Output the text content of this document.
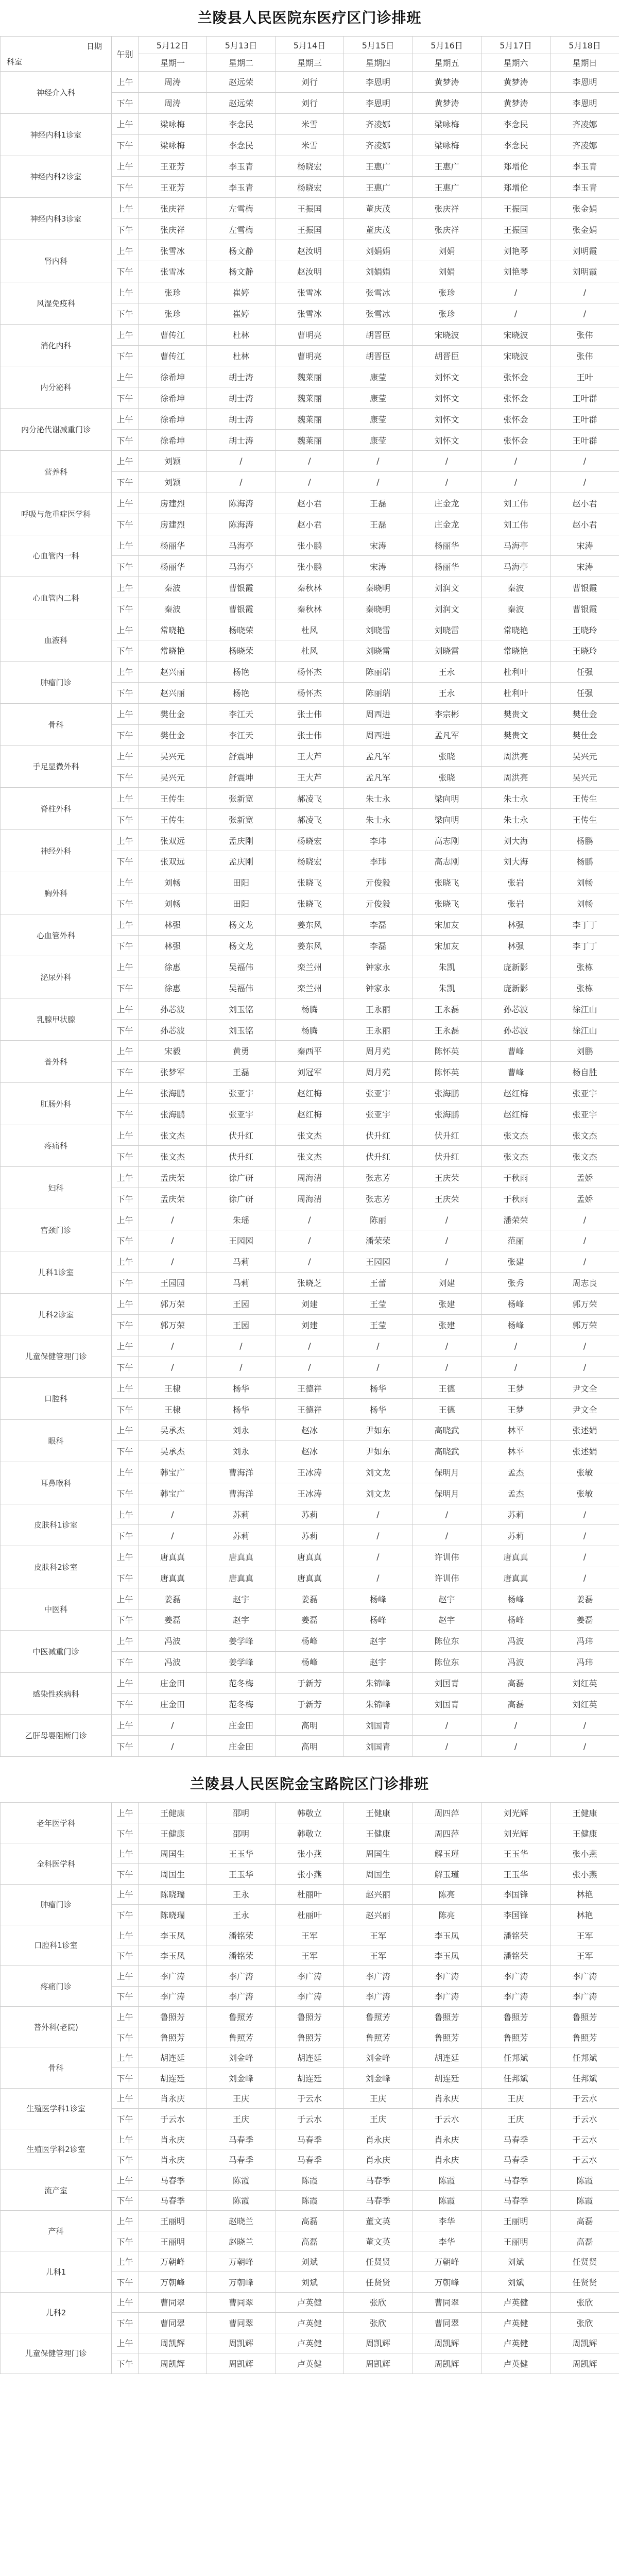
兰陵县人民医院东医疗区门诊排班
日期
科室	午别	5月12日	5月13日	5月14日	5月15日	5月16日	5月17日	5月18日
		星期一	星期二	星期三	星期四	星期五	星期六	星期日
神经介入科	上午	周涛	赵远荣	刘行	李恩明	黄梦涛	黄梦涛	李恩明
	下午	周涛	赵远荣	刘行	李恩明	黄梦涛	黄梦涛	李恩明
神经内科1诊室	上午	梁咏梅	李念民	米雪	齐凌娜	梁咏梅	李念民	齐凌娜
	下午	梁咏梅	李念民	米雪	齐凌娜	梁咏梅	李念民	齐凌娜
神经内科2诊室	上午	王亚芳	李玉青	杨晓宏	王惠广	王惠广	郑增伦	李玉青
	下午	王亚芳	李玉青	杨晓宏	王惠广	王惠广	郑增伦	李玉青
神经内科3诊室	上午	张庆祥	左雪梅	王振国	董庆茂	张庆祥	王振国	张金娟
	下午	张庆祥	左雪梅	王振国	董庆茂	张庆祥	王振国	张金娟
肾内科	上午	张雪冰	杨文静	赵汝明	刘娟娟	刘娟	刘艳琴	刘明霞
	下午	张雪冰	杨文静	赵汝明	刘娟娟	刘娟	刘艳琴	刘明霞
风湿免疫科	上午	张珍	崔婷	张雪冰	张雪冰	张珍	/	/
	下午	张珍	崔婷	张雪冰	张雪冰	张珍	/	/
消化内科	上午	曹传江	杜林	曹明亮	胡晋臣	宋晓波	宋晓波	张伟
	下午	曹传江	杜林	曹明亮	胡晋臣	胡晋臣	宋晓波	张伟
内分泌科	上午	徐希坤	胡士涛	魏莱丽	康莹	刘怀文	张怀金	王叶
	下午	徐希坤	胡士涛	魏莱丽	康莹	刘怀文	张怀金	王叶群
内分泌代谢减重门诊	上午	徐希坤	胡士涛	魏莱丽	康莹	刘怀文	张怀金	王叶群
	下午	徐希坤	胡士涛	魏莱丽	康莹	刘怀文	张怀金	王叶群
营养科	上午	刘颖	/	/	/	/	/	/
	下午	刘颖	/	/	/	/	/	/
呼吸与危重症医学科	上午	房建烈	陈海涛	赵小君	王磊	庄金龙	刘工伟	赵小君
	下午	房建烈	陈海涛	赵小君	王磊	庄金龙	刘工伟	赵小君
心血管内一科	上午	杨丽华	马海亭	张小鹏	宋涛	杨丽华	马海亭	宋涛
	下午	杨丽华	马海亭	张小鹏	宋涛	杨丽华	马海亭	宋涛
心血管内二科	上午	秦波	曹银霞	秦秋林	秦晓明	刘润文	秦波	曹银霞
	下午	秦波	曹银霞	秦秋林	秦晓明	刘润文	秦波	曹银霞
血液科	上午	常晓艳	杨晓荣	杜风	刘晓雷	刘晓雷	常晓艳	王晓玲
	下午	常晓艳	杨晓荣	杜风	刘晓雷	刘晓雷	常晓艳	王晓玲
肿瘤门诊	上午	赵兴丽	杨艳	杨怀杰	陈丽瑞	王永	杜利叶	任强
	下午	赵兴丽	杨艳	杨怀杰	陈丽瑞	王永	杜利叶	任强
骨科	上午	樊仕金	李江天	张士伟	周西进	李宗彬	樊贵文	樊仕金
	下午	樊仕金	李江天	张士伟	周西进	孟凡军	樊贵文	樊仕金
手足显微外科	上午	吴兴元	舒震坤	王大芦	孟凡军	张晓	周洪亮	吴兴元
	下午	吴兴元	舒震坤	王大芦	孟凡军	张晓	周洪亮	吴兴元
脊柱外科	上午	王传生	张新宽	郝凌飞	朱士永	梁向明	朱士永	王传生
	下午	王传生	张新宽	郝凌飞	朱士永	梁向明	朱士永	王传生
神经外科	上午	张双远	孟庆刚	杨晓宏	李玮	高志刚	刘大海	杨鹏
	下午	张双远	孟庆刚	杨晓宏	李玮	高志刚	刘大海	杨鹏
胸外科	上午	刘畅	田阳	张晓飞	亓俊毅	张晓飞	张岩	刘畅
	下午	刘畅	田阳	张晓飞	亓俊毅	张晓飞	张岩	刘畅
心血管外科	上午	林强	杨文龙	姜东风	李磊	宋加友	林强	李丁丁
	下午	林强	杨文龙	姜东风	李磊	宋加友	林强	李丁丁
泌尿外科	上午	徐惠	吴福伟	栾兰州	钟家永	朱凯	庞新影	张栋
	下午	徐惠	吴福伟	栾兰州	钟家永	朱凯	庞新影	张栋
乳腺甲状腺	上午	孙芯波	刘玉铭	杨腾	王永丽	王永磊	孙芯波	徐江山
	下午	孙芯波	刘玉铭	杨腾	王永丽	王永磊	孙芯波	徐江山
普外科	上午	宋毅	黄勇	秦西平	周月苑	陈怀英	曹峰	刘鹏
	下午	张梦军	王磊	刘冠军	周月苑	陈怀英	曹峰	杨自胜
肛肠外科	上午	张海鹏	张亚宇	赵红梅	张亚宇	张海鹏	赵红梅	张亚宇
	下午	张海鹏	张亚宇	赵红梅	张亚宇	张海鹏	赵红梅	张亚宇
疼痛科	上午	张文杰	伏升红	张文杰	伏升红	伏升红	张文杰	张文杰
	下午	张文杰	伏升红	张文杰	伏升红	伏升红	张文杰	张文杰
妇科	上午	孟庆荣	徐广研	周海清	张志芳	王庆荣	于秋雨	孟娇
	下午	孟庆荣	徐广研	周海清	张志芳	王庆荣	于秋雨	孟娇
宫颈门诊	上午	/	朱瑶	/	陈丽	/	潘荣荣	/
	下午	/	王园园	/	潘荣荣	/	范丽	/
儿科1诊室	上午	/	马莉	/	王园园	/	张建	/
	下午	王园园	马莉	张晓芝	王蕾	刘建	张秀	周志良
儿科2诊室	上午	郭万荣	王园	刘建	王莹	张建	杨峰	郭万荣
	下午	郭万荣	王园	刘建	王莹	张建	杨峰	郭万荣
儿童保健管理门诊	上午	/	/	/	/	/	/	/
	下午	/	/	/	/	/	/	/
口腔科	上午	王棣	杨华	王德祥	杨华	王德	王梦	尹文全
	下午	王棣	杨华	王德祥	杨华	王德	王梦	尹文全
眼科	上午	吴承杰	刘永	赵冰	尹如东	高晓武	林平	张述娟
	下午	吴承杰	刘永	赵冰	尹如东	高晓武	林平	张述娟
耳鼻喉科	上午	韩宝广	曹海洋	王冰涛	刘文龙	保明月	孟杰	张敏
	下午	韩宝广	曹海洋	王冰涛	刘文龙	保明月	孟杰	张敏
皮肤科1诊室	上午	/	苏莉	苏莉	/	/	苏莉	/
	下午	/	苏莉	苏莉	/	/	苏莉	/
皮肤科2诊室	上午	唐真真	唐真真	唐真真	/	许训伟	唐真真	/
	下午	唐真真	唐真真	唐真真	/	许训伟	唐真真	/
中医科	上午	姜磊	赵宇	姜磊	杨峰	赵宇	杨峰	姜磊
	下午	姜磊	赵宇	姜磊	杨峰	赵宇	杨峰	姜磊
中医减重门诊	上午	冯波	姜学峰	杨峰	赵宇	陈位东	冯波	冯玮
	下午	冯波	姜学峰	杨峰	赵宇	陈位东	冯波	冯玮
感染性疾病科	上午	庄金田	范冬梅	于新芳	朱锦峰	刘国青	高磊	刘红英
	下午	庄金田	范冬梅	于新芳	朱锦峰	刘国青	高磊	刘红英
乙肝母婴阻断门诊	上午	/	庄金田	高明	刘国青	/	/	/
	下午	/	庄金田	高明	刘国青	/	/	/
兰陵县人民医院金宝路院区门诊排班
老年医学科	上午	王健康	邵明	韩敬立	王健康	周四萍	刘光辉	王健康
	下午	王健康	邵明	韩敬立	王健康	周四萍	刘光辉	王健康
全科医学科	上午	周国生	王玉华	张小燕	周国生	解玉瑾	王玉华	张小燕
	下午	周国生	王玉华	张小燕	周国生	解玉瑾	王玉华	张小燕
肿瘤门诊	上午	陈晓瑞	王永	杜丽叶	赵兴丽	陈亮	李国锋	林艳
	下午	陈晓瑞	王永	杜丽叶	赵兴丽	陈亮	李国锋	林艳
口腔科1诊室	上午	李玉凤	潘铭荣	王军	王军	李玉凤	潘铭荣	王军
	下午	李玉凤	潘铭荣	王军	王军	李玉凤	潘铭荣	王军
疼痛门诊	上午	李广涛	李广涛	李广涛	李广涛	李广涛	李广涛	李广涛
	下午	李广涛	李广涛	李广涛	李广涛	李广涛	李广涛	李广涛
普外科(老院)	上午	鲁照芳	鲁照芳	鲁照芳	鲁照芳	鲁照芳	鲁照芳	鲁照芳
	下午	鲁照芳	鲁照芳	鲁照芳	鲁照芳	鲁照芳	鲁照芳	鲁照芳
骨科	上午	胡连廷	刘金峰	胡连廷	刘金峰	胡连廷	任邦斌	任邦斌
	下午	胡连廷	刘金峰	胡连廷	刘金峰	胡连廷	任邦斌	任邦斌
生殖医学科1诊室	上午	肖永庆	王庆	于云水	王庆	肖永庆	王庆	于云水
	下午	于云水	王庆	于云水	王庆	于云水	王庆	于云水
生殖医学科2诊室	上午	肖永庆	马春季	马春季	肖永庆	肖永庆	马春季	于云水
	下午	肖永庆	马春季	马春季	肖永庆	肖永庆	马春季	于云水
流产室	上午	马春季	陈霞	陈霞	马春季	陈霞	马春季	陈霞
	下午	马春季	陈霞	陈霞	马春季	陈霞	马春季	陈霞
产科	上午	王丽明	赵晓兰	高磊	董文英	李华	王丽明	高磊
	下午	王丽明	赵晓兰	高磊	董文英	李华	王丽明	高磊
儿科1	上午	万朝峰	万朝峰	刘斌	任贤贤	万朝峰	刘斌	任贤贤
	下午	万朝峰	万朝峰	刘斌	任贤贤	万朝峰	刘斌	任贤贤
儿科2	上午	曹同翠	曹同翠	卢英健	张欣	曹同翠	卢英健	张欣
	下午	曹同翠	曹同翠	卢英健	张欣	曹同翠	卢英健	张欣
儿童保健管理门诊	上午	周凯辉	周凯辉	卢英健	周凯辉	周凯辉	卢英健	周凯辉
	下午	周凯辉	周凯辉	卢英健	周凯辉	周凯辉	卢英健	周凯辉
